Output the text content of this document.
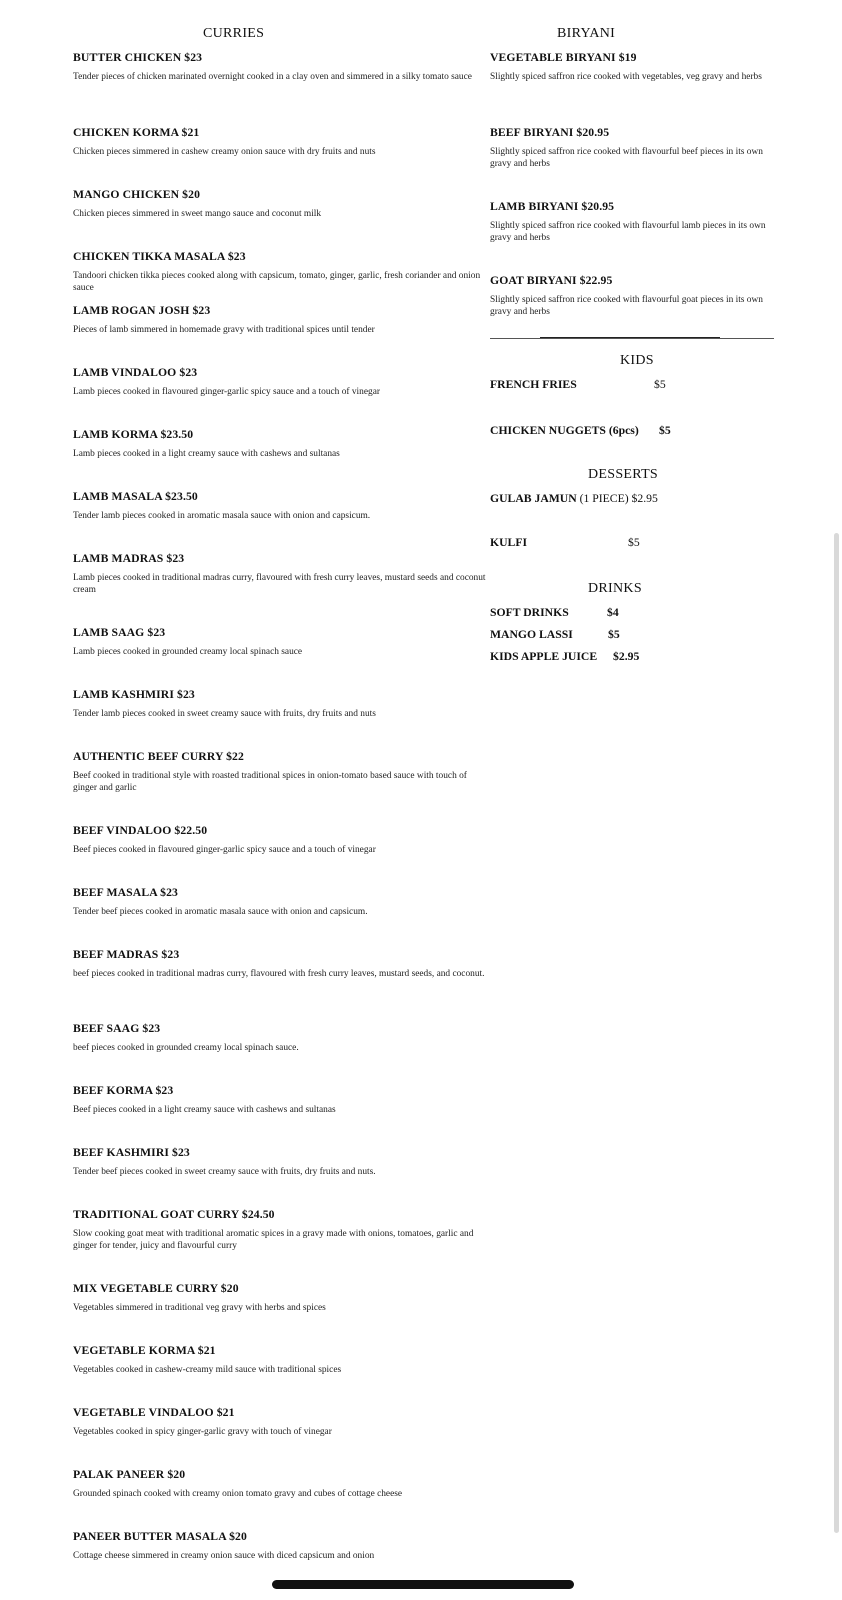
CURRIES
BUTTER CHICKEN $23
Tender pieces of chicken marinated overnight cooked in a clay oven and simmered in a silky tomato sauce
CHICKEN KORMA $21
Chicken pieces simmered in cashew creamy onion sauce with dry fruits and nuts
MANGO CHICKEN $20
Chicken pieces simmered in sweet mango sauce and coconut milk
CHICKEN TIKKA MASALA $23
Tandoori chicken tikka pieces cooked along with capsicum, tomato, ginger, garlic, fresh coriander and onion sauce
LAMB ROGAN JOSH $23
Pieces of lamb simmered in homemade gravy with traditional spices until tender
LAMB VINDALOO $23
Lamb pieces cooked in flavoured ginger-garlic spicy sauce and a touch of vinegar
LAMB KORMA $23.50
Lamb pieces cooked in a light creamy sauce with cashews and sultanas
LAMB MASALA $23.50
Tender lamb pieces cooked in aromatic masala sauce with onion and capsicum.
LAMB MADRAS $23
Lamb pieces cooked in traditional madras curry, flavoured with fresh curry leaves, mustard seeds and coconut cream
LAMB SAAG $23
Lamb pieces cooked in grounded creamy local spinach sauce
LAMB KASHMIRI $23
Tender lamb pieces cooked in sweet creamy sauce with fruits, dry fruits and nuts
AUTHENTIC BEEF CURRY $22
Beef cooked in traditional style with roasted traditional spices in onion-tomato based sauce with touch of ginger and garlic
BEEF VINDALOO $22.50
Beef pieces cooked in flavoured ginger-garlic spicy sauce and a touch of vinegar
BEEF MASALA $23
Tender beef pieces cooked in aromatic masala sauce with onion and capsicum.
BEEF MADRAS $23
beef pieces cooked in traditional madras curry, flavoured with fresh curry leaves, mustard seeds, and coconut.
BEEF SAAG $23
beef pieces cooked in grounded creamy local spinach sauce.
BEEF KORMA $23
Beef pieces cooked in a light creamy sauce with cashews and sultanas
BEEF KASHMIRI $23
Tender beef pieces cooked in sweet creamy sauce with fruits, dry fruits and nuts.
TRADITIONAL GOAT CURRY $24.50
Slow cooking goat meat with traditional aromatic spices in a gravy made with onions, tomatoes, garlic and ginger for tender, juicy and flavourful curry
MIX VEGETABLE CURRY $20
Vegetables simmered in traditional veg gravy with herbs and spices
VEGETABLE KORMA $21
Vegetables cooked in cashew-creamy mild sauce with traditional spices
VEGETABLE VINDALOO $21
Vegetables cooked in spicy ginger-garlic gravy with touch of vinegar
PALAK PANEER $20
Grounded spinach cooked with creamy onion tomato gravy and cubes of cottage cheese
PANEER BUTTER MASALA $20
Cottage cheese simmered in creamy onion sauce with diced capsicum and onion
BIRYANI
VEGETABLE BIRYANI $19
Slightly spiced saffron rice cooked with vegetables, veg gravy and herbs
BEEF BIRYANI $20.95
Slightly spiced saffron rice cooked with flavourful beef pieces in its own gravy and herbs
LAMB BIRYANI $20.95
Slightly spiced saffron rice cooked with flavourful lamb pieces in its own gravy and herbs
GOAT BIRYANI $22.95
Slightly spiced saffron rice cooked with flavourful goat pieces in its own gravy and herbs
KIDS
FRENCH FRIES	$5
CHICKEN NUGGETS (6pcs) $5
DESSERTS
GULAB JAMUN (1 PIECE) $2.95
KULFI	$5
DRINKS
SOFT DRINKS	$4
MANGO LASSI	$5
KIDS APPLE JUICE $2.95
